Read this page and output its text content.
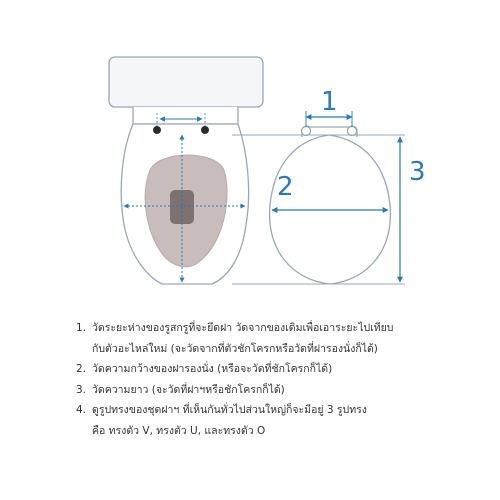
1
2	3
1. วัดระยะห่างของรูสกรูที่จะยึดฝา วัดจากของเดิมเพื่อเอาระยะไปเทียบ
กับตัวอะไหล่ใหม่ (จะวัดจากที่ตัวชักโครกหรือวัดที่ฝารองนั่งก็ได้)
2. วัดความกว้างของฝารองนั่ง (หรือจะวัดที่ชักโครกก็ได้)
3. วัดความยาว (จะวัดที่ฝาฯหรือชักโครกก็ได้)
4. ดูรูปทรงของชุดฝาฯ ที่เห็นกันทั่วไปส่วนใหญ่ก็จะมีอยู่ 3 รูปทรง
คือ ทรงตัว V, ทรงตัว U, และทรงตัว O
